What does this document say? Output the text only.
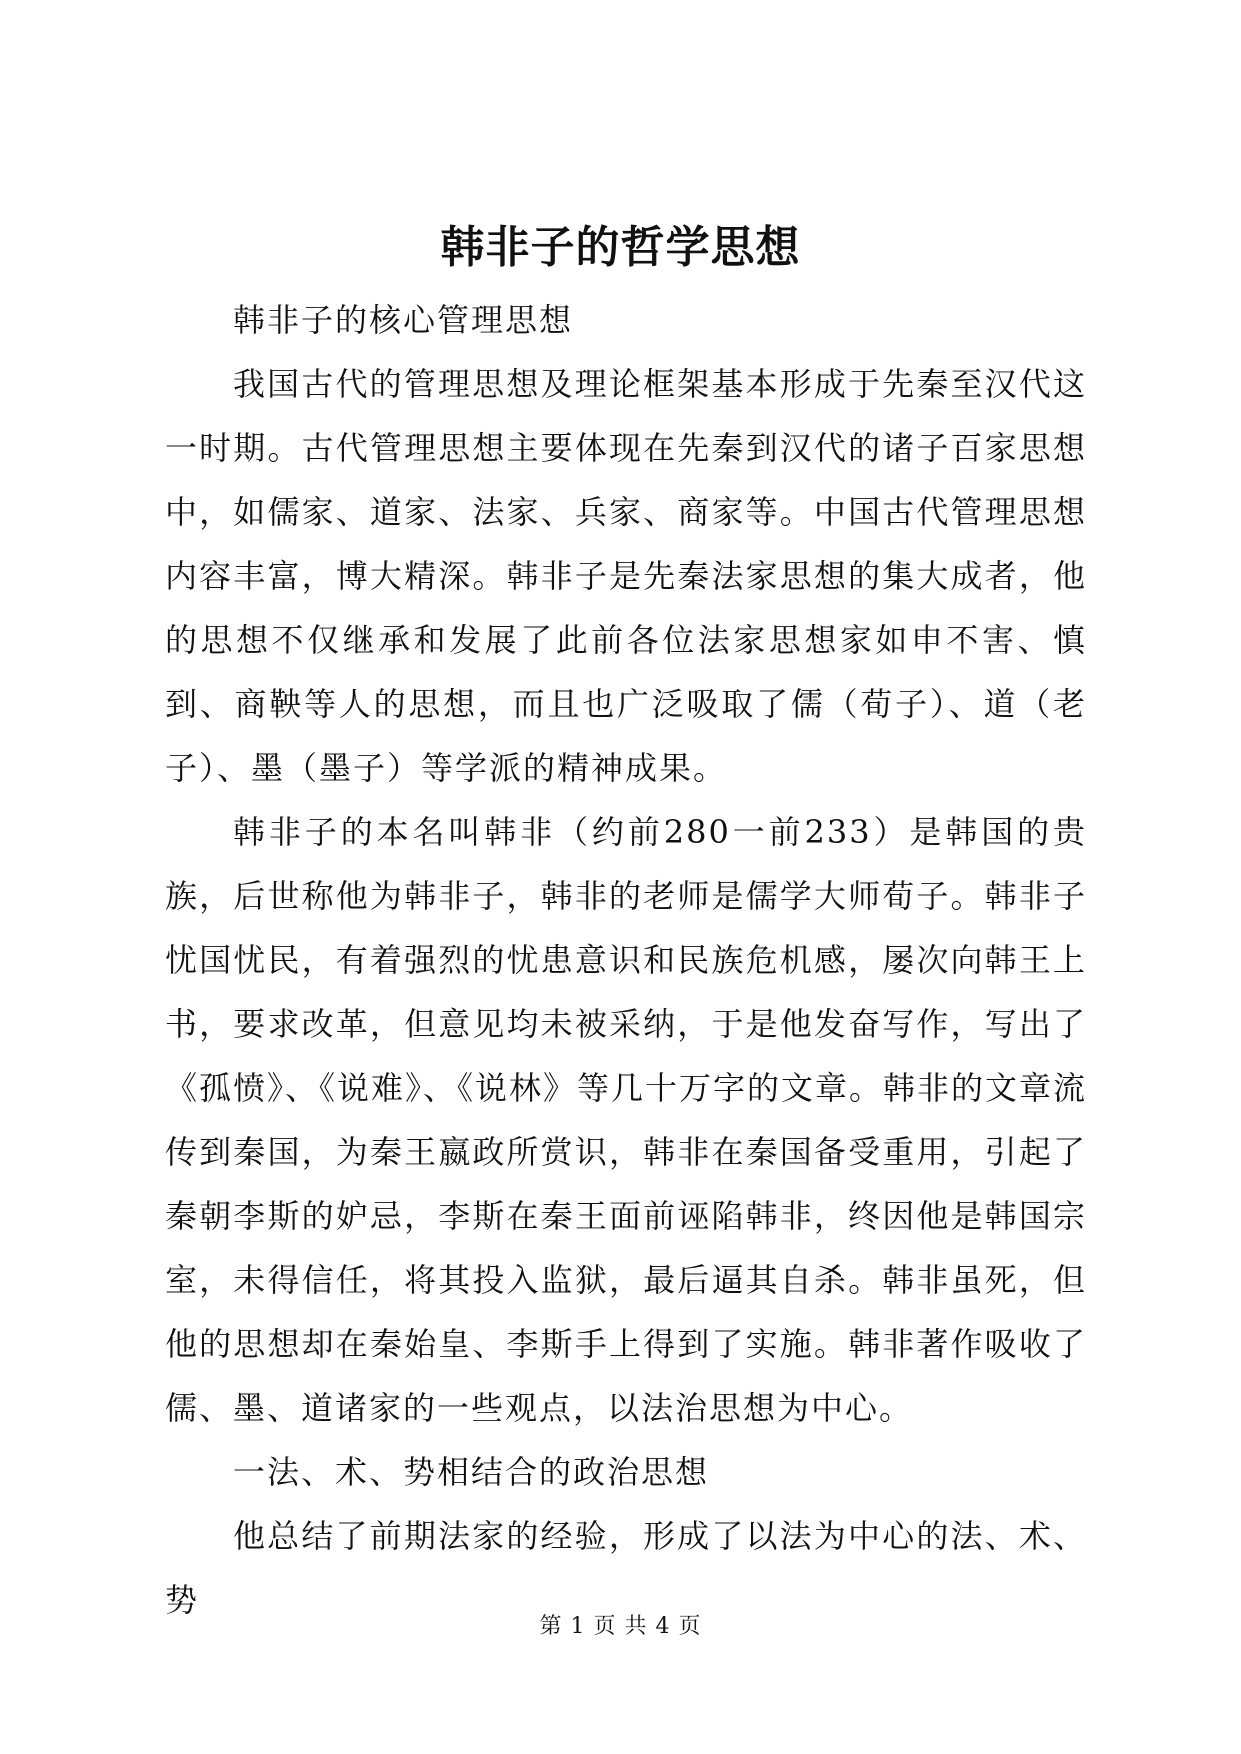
韩非子的哲学思想

韩非子的核心管理思想

我国古代的管理思想及理论框架基本形成于先秦至汉代这一时期。古代管理思想主要体现在先秦到汉代的诸子百家思想中，如儒家、道家、法家、兵家、商家等。中国古代管理思想内容丰富，博大精深。韩非子是先秦法家思想的集大成者，他的思想不仅继承和发展了此前各位法家思想家如申不害、慎到、商鞅等人的思想，而且也广泛吸取了儒（荀子）、道（老子）、墨（墨子）等学派的精神成果。

韩非子的本名叫韩非（约前280一前233）是韩国的贵族，后世称他为韩非子，韩非的老师是儒学大师荀子。韩非子忧国忧民，有着强烈的忧患意识和民族危机感，屡次向韩王上书，要求改革，但意见均未被采纳，于是他发奋写作，写出了《孤愤》、《说难》、《说林》等几十万字的文章。韩非的文章流传到秦国，为秦王嬴政所赏识，韩非在秦国备受重用，引起了秦朝李斯的妒忌，李斯在秦王面前诬陷韩非，终因他是韩国宗室，未得信任，将其投入监狱，最后逼其自杀。韩非虽死，但他的思想却在秦始皇、李斯手上得到了实施。韩非著作吸收了儒、墨、道诸家的一些观点，以法治思想为中心。

一法、术、势相结合的政治思想

他总结了前期法家的经验，形成了以法为中心的法、术、势

第 1 页 共 4 页
